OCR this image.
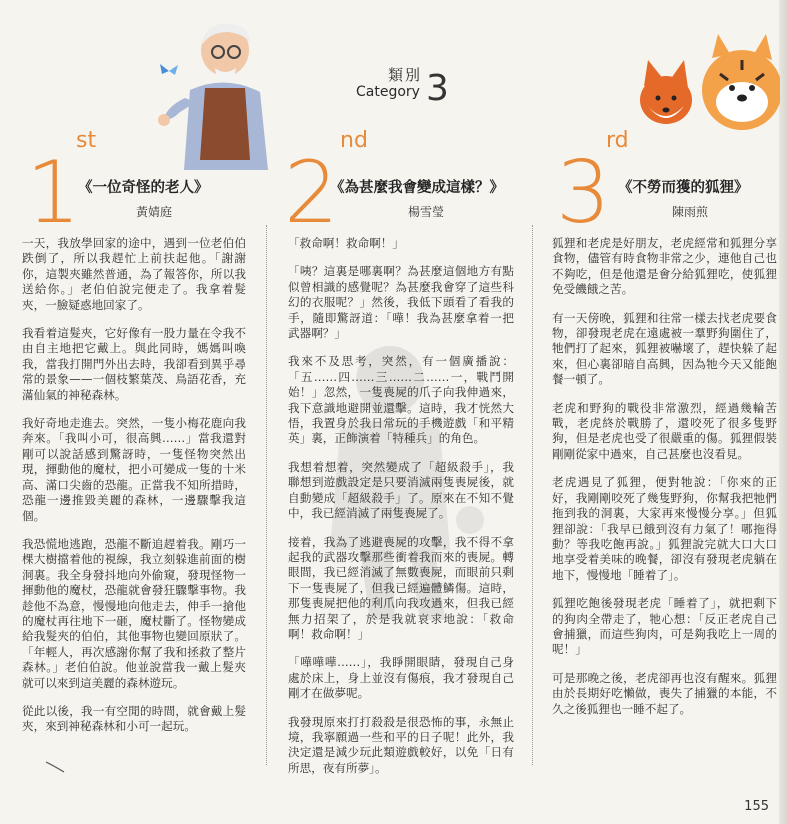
類別
Category 3
1
st
《一位奇怪的老人》
黃婧庭 2
nd
《為甚麼我會變成這樣？》
楊雪瑩 3
rd
《不勞而獲的狐狸》
陳雨煎

一天，我放學回家的途中，遇到一位老伯伯跌倒了，所以我趕忙上前扶起他。「謝謝你，這製夾雖然普通，為了報答你，所以我送給你。」老伯伯說完便走了。我拿着髮夾，一臉疑惑地回家了。

我看着這髮夾，它好像有一股力量在令我不由自主地把它戴上。與此同時，媽媽叫喚我，當我打開門外出去時，我卻看到異乎尋常的景象——一個枝繁葉茂、鳥語花香，充滿仙氣的神秘森林。

我好奇地走進去。突然，一隻小梅花鹿向我奔來。「我叫小可，很高興……」當我還對剛可以說話感到驚訝時，一隻怪物突然出現，揮動他的魔杖，把小可變成一隻的十米高、滿口尖齒的恐龍。正當我不知所措時，恐龍一邊推毀美麗的森林，一邊驟擊我這個。

我恐慌地逃跑，恐龍不斷追趕着我。剛巧一棵大樹擋着他的視線，我立刻躲進前面的樹洞裏。我全身發抖地向外偷窺，發現怪物一揮動他的魔杖，恐龍就會發狂驟擊事物。我趁他不為意，慢慢地向他走去，伸手一搶他的魔杖再往地下一砸，魔杖斷了。怪物變成給我髮夾的伯伯，其他事物也變回原狀了。「年輕人，再次感謝你幫了我和拯救了整片森林。」老伯伯說。他並說當我一戴上髮夾就可以來到這美麗的森林遊玩。

從此以後，我一有空閒的時間，就會戴上髮夾，來到神秘森林和小可一起玩。

「救命啊！救命啊！」

「咦？這裏是哪裏啊？為甚麼這個地方有點似曾相識的感覺呢？為甚麼我會穿了這些科幻的衣服呢？」然後，我低下頭看了看我的手，隨即驚訝道：「嘩！我為甚麼拿着一把武器啊？」

我來不及思考，突然，有一個廣播說：「五……四……三……二……一，戰鬥開始！」忽然，一隻喪屍的爪子向我伸過來，我下意識地避開並還擊。這時，我才恍然大悟，我置身於我日常玩的手機遊戲「和平精英」裏，正飾演着「特種兵」的角色。

我想着想着，突然變成了「超級殺手」，我聯想到遊戲設定是只要消滅兩隻喪屍後，就自動變成「超級殺手」了。原來在不知不覺中，我已經消滅了兩隻喪屍了。

接着，我為了逃避喪屍的攻擊，我不得不拿起我的武器攻擊那些衝着我而來的喪屍。轉眼間，我已經消滅了無數喪屍，而眼前只剩下一隻喪屍了，但我已經遍體鱗傷。這時，那隻喪屍把他的利爪向我攻過來，但我已經無力招架了，於是我就哀求地說：「救命啊！救命啊！」

「嘩嘩嘩……」，我睜開眼睛，發現自己身處於床上，身上並沒有傷痕，我才發現自己剛才在做夢呢。

我發現原來打打殺殺是很恐怖的事，永無止境，我寧願過一些和平的日子呢！此外，我決定還是減少玩此類遊戲較好，以免「日有所思，夜有所夢」。

狐狸和老虎是好朋友，老虎經常和狐狸分享食物，儘管有時食物非常之少，連他自己也不夠吃，但是他還是會分給狐狸吃，使狐狸免受饑餓之苦。

有一天傍晚，狐狸和往常一樣去找老虎要食物，卻發現老虎在遠處被一羣野狗圍住了，牠們打了起來，狐狸被嚇壞了，趕快躲了起來，但心裏卻暗自高興，因為牠今天又能飽餐一頓了。

老虎和野狗的戰役非常激烈，經過幾輪苦戰，老虎終於戰勝了，還咬死了很多隻野狗，但是老虎也受了很嚴重的傷。狐狸假裝剛剛從家中過來，自己甚麼也沒看見。

老虎遇見了狐狸，便對牠說：「你來的正好，我剛剛咬死了幾隻野狗，你幫我把牠們拖到我的洞裏，大家再來慢慢分享。」但狐狸卻說：「我早已餓到沒有力氣了！哪拖得動？等我吃飽再說。」狐狸說完就大口大口地享受着美味的晚餐，卻沒有發現老虎躺在地下，慢慢地「睡着了」。

狐狸吃飽後發現老虎「睡着了」，就把剩下的狗肉全帶走了，牠心想：「反正老虎自己會捕獵，而這些狗肉，可是夠我吃上一周的呢！」

可是那晚之後，老虎卻再也沒有醒來。狐狸由於長期好吃懶做，喪失了捕獵的本能，不久之後狐狸也一睡不起了。

155
